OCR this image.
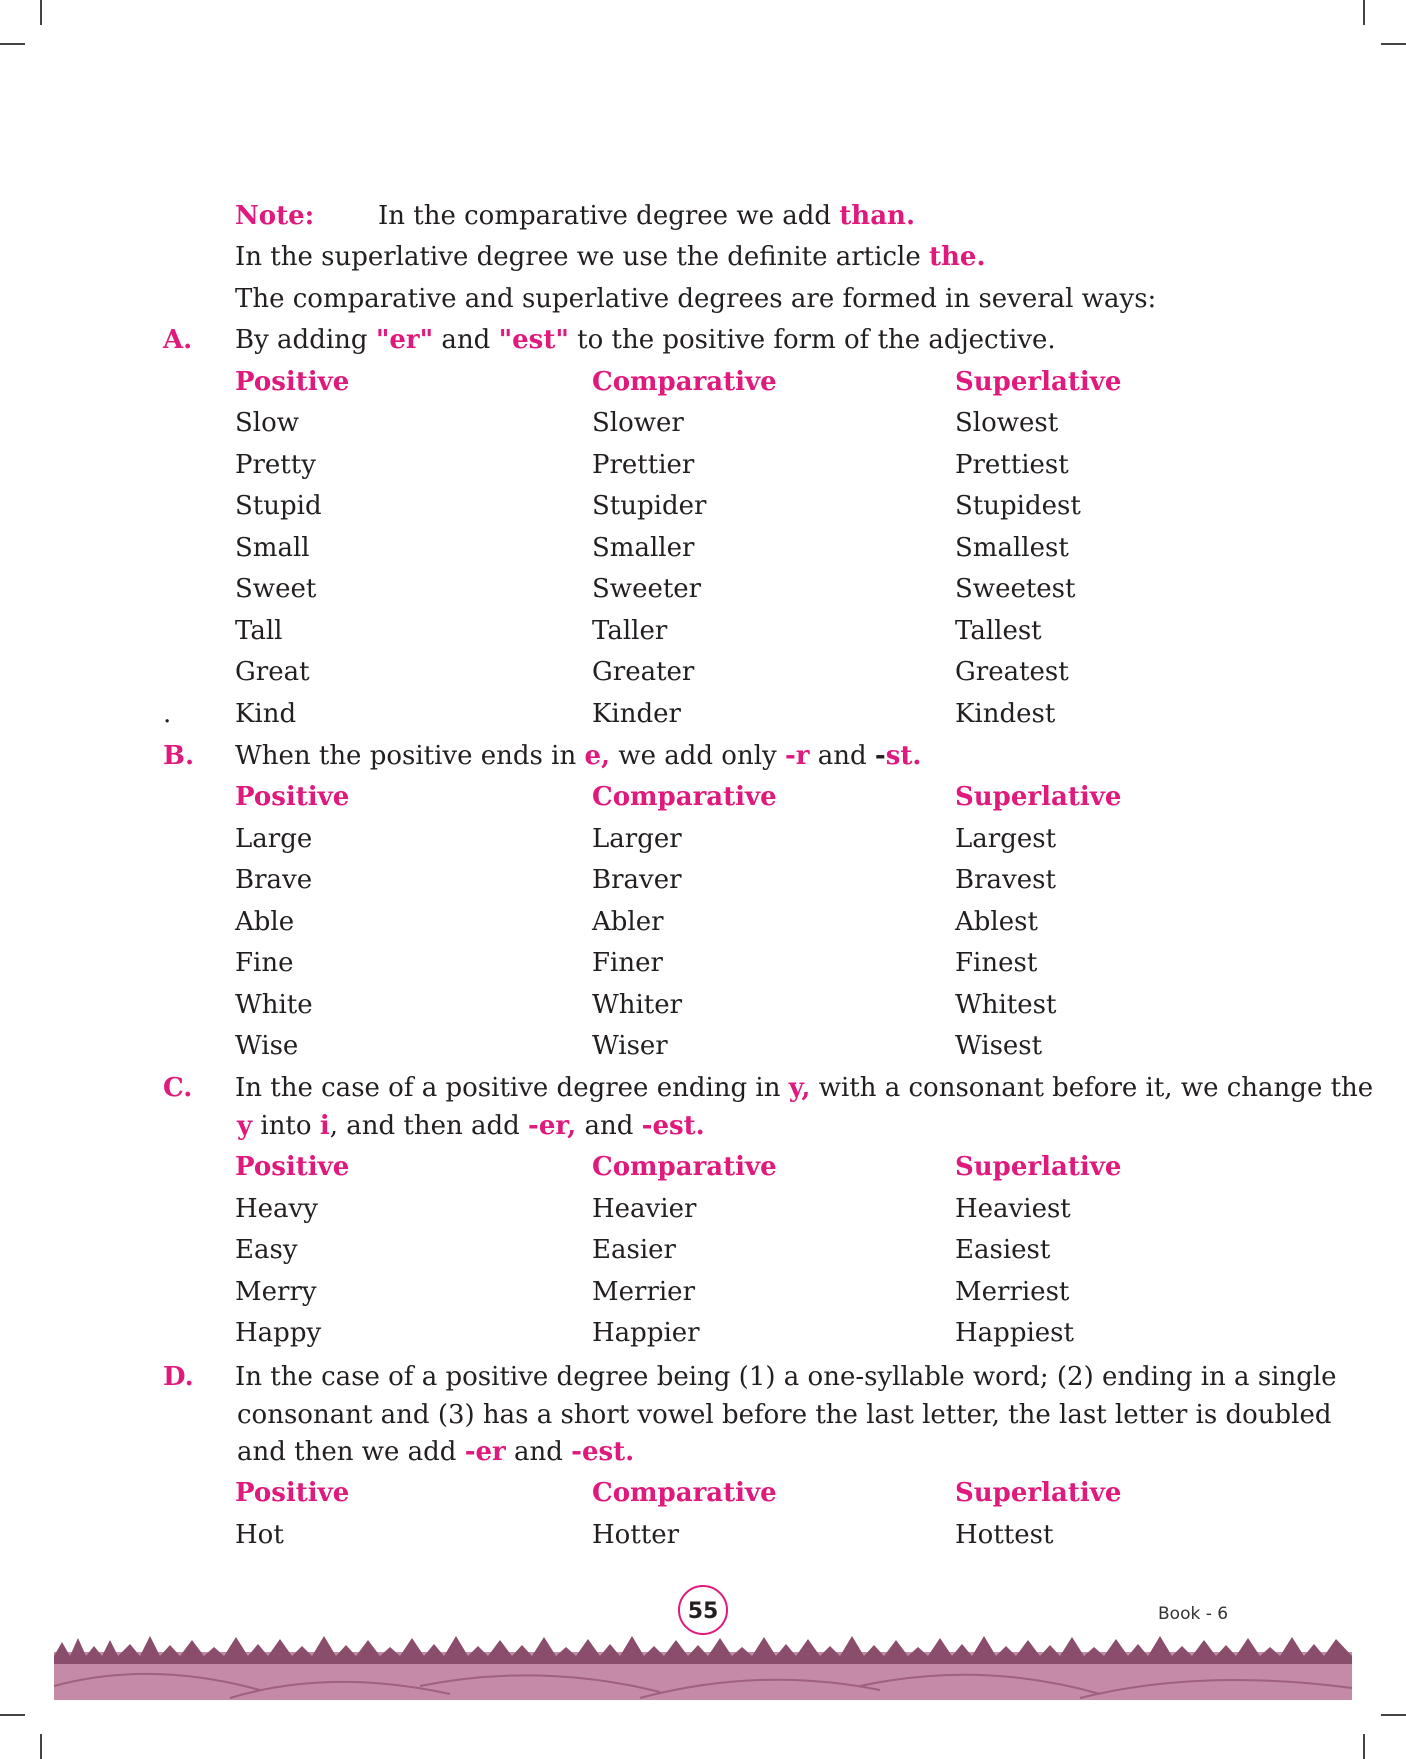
Note: In the comparative degree we add than.
In the superlative degree we use the definite article the.
The comparative and superlative degrees are formed in several ways:
A. By adding "er" and "est" to the positive form of the adjective.
Positive	Comparative	Superlative
Slow	Slower	Slowest
Pretty	Prettier	Prettiest
Stupid	Stupider	Stupidest
Small	Smaller	Smallest
Sweet	Sweeter	Sweetest
Tall	Taller	Tallest
Great	Greater	Greatest
. Kind	Kinder	Kindest
B. When the positive ends in e, we add only -r and -st.
Positive	Comparative	Superlative
Large	Larger	Largest
Brave	Braver	Bravest
Able	Abler	Ablest
Fine	Finer	Finest
White	Whiter	Whitest
Wise	Wiser	Wisest
C. In the case of a positive degree ending in y, with a consonant before it, we change the
y into i, and then add -er, and -est.
Positive	Comparative	Superlative
Heavy	Heavier	Heaviest
Easy	Easier	Easiest
Merry	Merrier	Merriest
Happy	Happier	Happiest
D. In the case of a positive degree being (1) a one-syllable word; (2) ending in a single
consonant and (3) has a short vowel before the last letter, the last letter is doubled
and then we add -er and -est.
Positive	Comparative	Superlative
Hot	Hotter	Hottest
55	Book - 6
